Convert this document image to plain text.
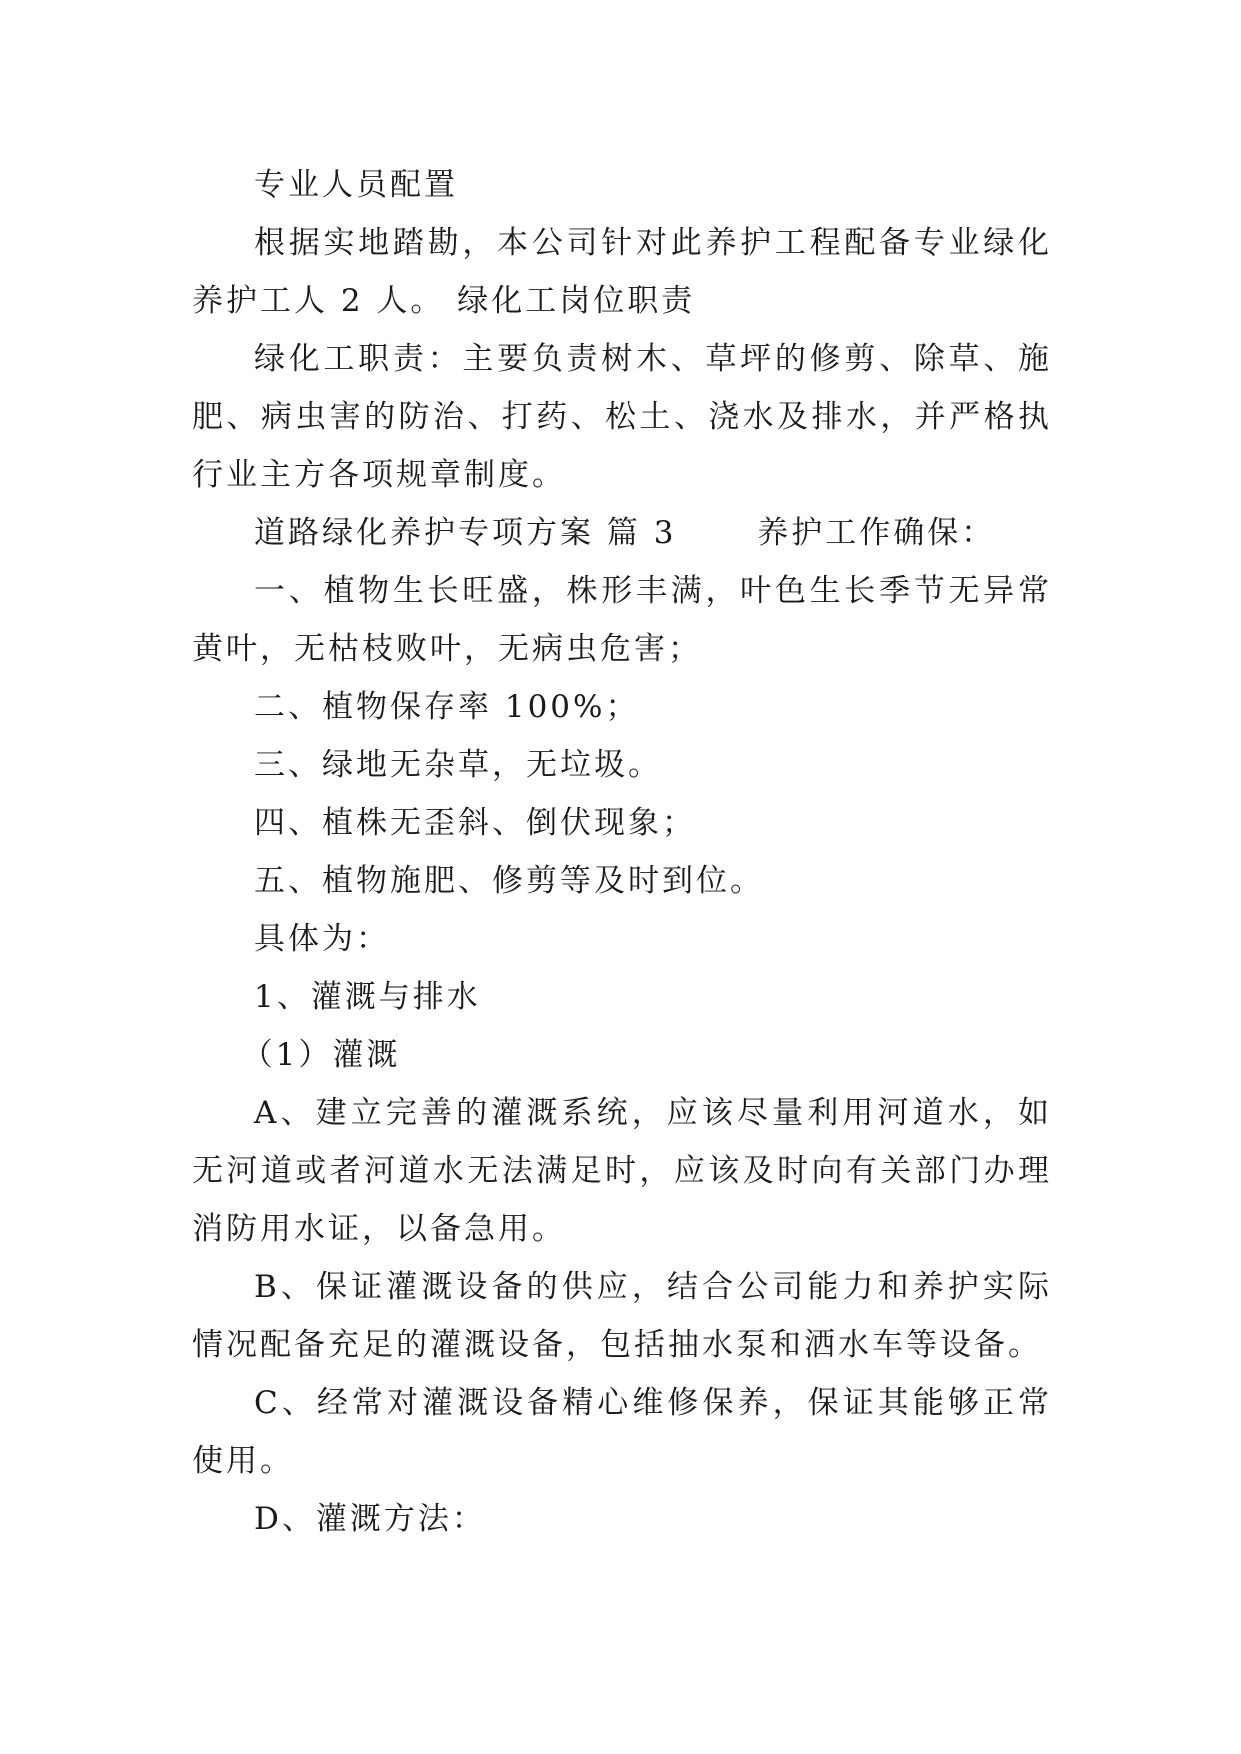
专业人员配置

根据实地踏勘，本公司针对此养护工程配备专业绿化养护工人 2 人。 绿化工岗位职责

绿化工职责：主要负责树木、草坪的修剪、除草、施肥、病虫害的防治、打药、松土、浇水及排水，并严格执行业主方各项规章制度。

道路绿化养护专项方案 篇 3 　　养护工作确保：

一、植物生长旺盛，株形丰满，叶色生长季节无异常黄叶，无枯枝败叶，无病虫危害；

二、植物保存率 100%；

三、绿地无杂草，无垃圾。

四、植株无歪斜、倒伏现象；

五、植物施肥、修剪等及时到位。

具体为：

1、灌溉与排水

（1）灌溉

A、建立完善的灌溉系统，应该尽量利用河道水，如无河道或者河道水无法满足时，应该及时向有关部门办理消防用水证，以备急用。

B、保证灌溉设备的供应，结合公司能力和养护实际情况配备充足的灌溉设备，包括抽水泵和洒水车等设备。

C、经常对灌溉设备精心维修保养，保证其能够正常使用。

D、灌溉方法：
